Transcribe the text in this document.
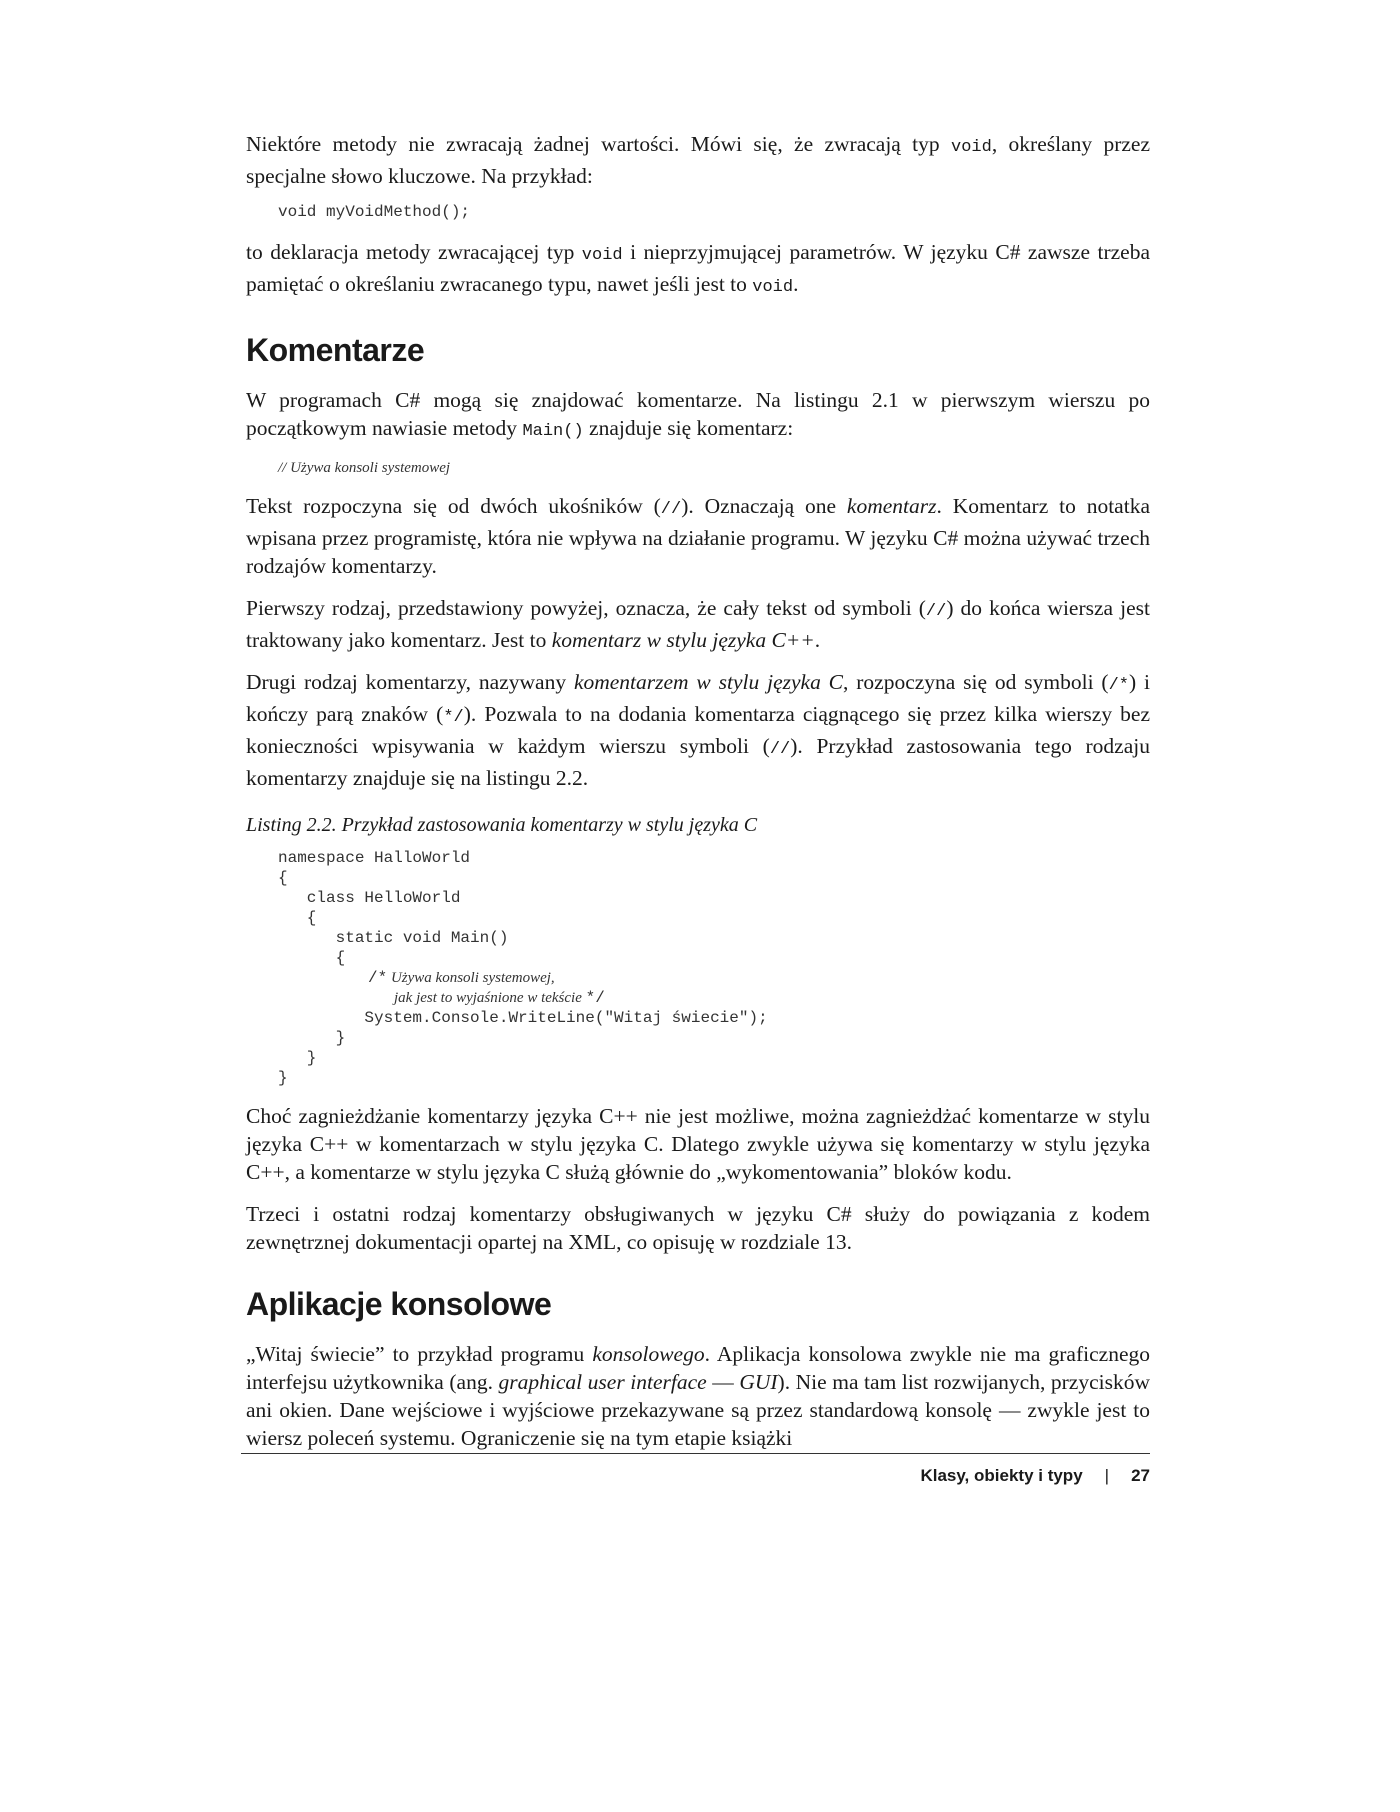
Niektóre metody nie zwracają żadnej wartości. Mówi się, że zwracają typ void, określany przez specjalne słowo kluczowe. Na przykład:

void myVoidMethod();

to deklaracja metody zwracającej typ void i nieprzyjmującej parametrów. W języku C# zawsze trzeba pamiętać o określaniu zwracanego typu, nawet jeśli jest to void.

Komentarze

W programach C# mogą się znajdować komentarze. Na listingu 2.1 w pierwszym wierszu po początkowym nawiasie metody Main() znajduje się komentarz:

// Używa konsoli systemowej

Tekst rozpoczyna się od dwóch ukośników (//). Oznaczają one komentarz. Komentarz to notatka wpisana przez programistę, która nie wpływa na działanie programu. W języku C# można używać trzech rodzajów komentarzy.

Pierwszy rodzaj, przedstawiony powyżej, oznacza, że cały tekst od symboli (//) do końca wiersza jest traktowany jako komentarz. Jest to komentarz w stylu języka C++.

Drugi rodzaj komentarzy, nazywany komentarzem w stylu języka C, rozpoczyna się od symboli (/*) i kończy parą znaków (*/). Pozwala to na dodania komentarza ciągnącego się przez kilka wierszy bez konieczności wpisywania w każdym wierszu symboli (//). Przykład zastosowania tego rodzaju komentarzy znajduje się na listingu 2.2.

Listing 2.2. Przykład zastosowania komentarzy w stylu języka C
namespace HalloWorld
{
class HelloWorld
{
static void Main()
{
/* Używa konsoli systemowej,
jak jest to wyjaśnione w tekście */
System.Console.WriteLine("Witaj świecie");
}
}
}

Choć zagnieżdżanie komentarzy języka C++ nie jest możliwe, można zagnieżdżać komentarze w stylu języka C++ w komentarzach w stylu języka C. Dlatego zwykle używa się komentarzy w stylu języka C++, a komentarze w stylu języka C służą głównie do „wykomentowania” bloków kodu.

Trzeci i ostatni rodzaj komentarzy obsługiwanych w języku C# służy do powiązania z kodem zewnętrznej dokumentacji opartej na XML, co opisuję w rozdziale 13.

Aplikacje konsolowe

„Witaj świecie” to przykład programu konsolowego. Aplikacja konsolowa zwykle nie ma graficznego interfejsu użytkownika (ang. graphical user interface — GUI). Nie ma tam list rozwijanych, przycisków ani okien. Dane wejściowe i wyjściowe przekazywane są przez standardową konsolę — zwykle jest to wiersz poleceń systemu. Ograniczenie się na tym etapie książki

Klasy, obiekty i typy | 27
